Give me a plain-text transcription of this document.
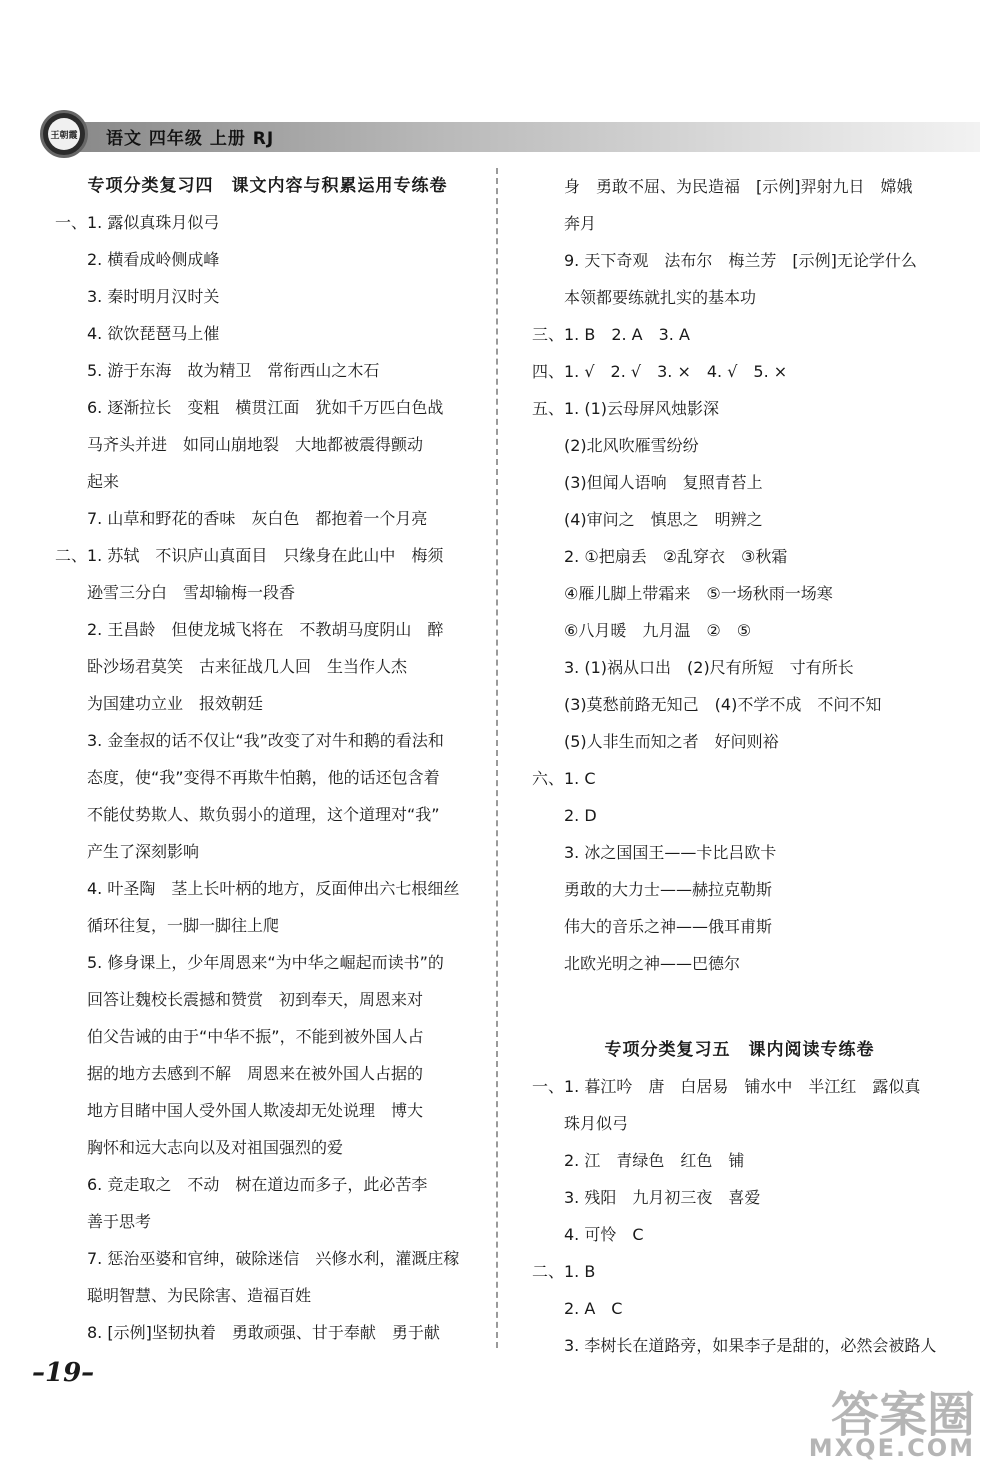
王朝霞 语文 四年级 上册 RJ
专项分类复习四　课文内容与积累运用专练卷
一、1. 露似真珠月似弓
　　2. 横看成岭侧成峰
　　3. 秦时明月汉时关
　　4. 欲饮琵琶马上催
　　5. 游于东海　故为精卫　常衔西山之木石
　　6. 逐渐拉长　变粗　横贯江面　犹如千万匹白色战
　　马齐头并进　如同山崩地裂　大地都被震得颤动
　　起来
　　7. 山草和野花的香味　灰白色　都抱着一个月亮
二、1. 苏轼　不识庐山真面目　只缘身在此山中　梅须
　　逊雪三分白　雪却输梅一段香
　　2. 王昌龄　但使龙城飞将在　不教胡马度阴山　醉
　　卧沙场君莫笑　古来征战几人回　生当作人杰
　　为国建功立业　报效朝廷
　　3. 金奎叔的话不仅让“我”改变了对牛和鹅的看法和
　　态度，使“我”变得不再欺牛怕鹅，他的话还包含着
　　不能仗势欺人、欺负弱小的道理，这个道理对“我”
　　产生了深刻影响
　　4. 叶圣陶　茎上长叶柄的地方，反面伸出六七根细丝
　　循环往复，一脚一脚往上爬
　　5. 修身课上，少年周恩来“为中华之崛起而读书”的
　　回答让魏校长震撼和赞赏　初到奉天，周恩来对
　　伯父告诫的由于“中华不振”，不能到被外国人占
　　据的地方去感到不解　周恩来在被外国人占据的
　　地方目睹中国人受外国人欺凌却无处说理　博大
　　胸怀和远大志向以及对祖国强烈的爱
　　6. 竞走取之　不动　树在道边而多子，此必苦李
　　善于思考
　　7. 惩治巫婆和官绅，破除迷信　兴修水利，灌溉庄稼
　　聪明智慧、为民除害、造福百姓
　　8. [示例]坚韧执着　勇敢顽强、甘于奉献　勇于献
　　身　勇敢不屈、为民造福　[示例]羿射九日　嫦娥
　　奔月
　　9. 天下奇观　法布尔　梅兰芳　[示例]无论学什么
　　本领都要练就扎实的基本功
三、1. B　2. A　3. A
四、1. √　2. √　3. ×　4. √　5. ×
五、1. (1)云母屏风烛影深
　　(2)北风吹雁雪纷纷
　　(3)但闻人语响　复照青苔上
　　(4)审问之　慎思之　明辨之
　　2. ①把扇丢　②乱穿衣　③秋霜
　　④雁儿脚上带霜来　⑤一场秋雨一场寒
　　⑥八月暖　九月温　②　⑤
　　3. (1)祸从口出　(2)尺有所短　寸有所长
　　(3)莫愁前路无知己　(4)不学不成　不问不知
　　(5)人非生而知之者　好问则裕
六、1. C
　　2. D
　　3. 冰之国国王——卡比吕欧卡
　　勇敢的大力士——赫拉克勒斯
　　伟大的音乐之神——俄耳甫斯
　　北欧光明之神——巴德尔
专项分类复习五　课内阅读专练卷
一、1. 暮江吟　唐　白居易　铺水中　半江红　露似真
　　珠月似弓
　　2. 江　青绿色　红色　铺
　　3. 残阳　九月初三夜　喜爱
　　4. 可怜　C
二、1. B
　　2. A　C
　　3. 李树长在道路旁，如果李子是甜的，必然会被路人
–19–
答案圈
MXQE.COM
